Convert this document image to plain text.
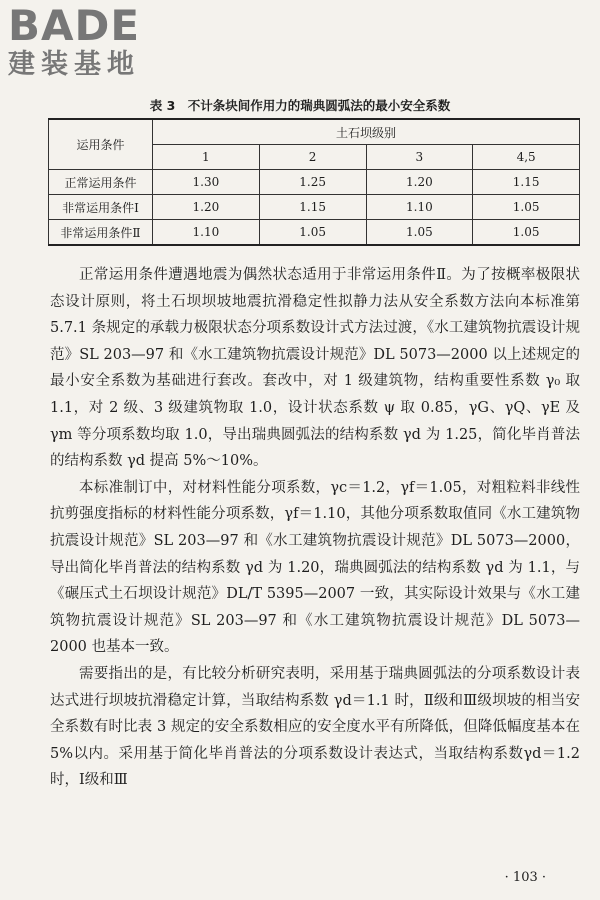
BADE
建装基地
表 3　不计条块间作用力的瑞典圆弧法的最小安全系数
运用条件	土石坝级别			
	1	2	3	4,5
正常运用条件	1.30	1.25	1.20	1.15
非常运用条件Ⅰ	1.20	1.15	1.10	1.05
非常运用条件Ⅱ	1.10	1.05	1.05	1.05

正常运用条件遭遇地震为偶然状态适用于非常运用条件Ⅱ。为了按概率极限状态设计原则，将土石坝坝坡地震抗滑稳定性拟静力法从安全系数方法向本标准第 5.7.1 条规定的承载力极限状态分项系数设计式方法过渡，《水工建筑物抗震设计规范》SL 203—97 和《水工建筑物抗震设计规范》DL 5073—2000 以上述规定的最小安全系数为基础进行套改。套改中，对 1 级建筑物，结构重要性系数 γ₀ 取 1.1，对 2 级、3 级建筑物取 1.0，设计状态系数 ψ 取 0.85，γG、γQ、γE 及 γm 等分项系数均取 1.0，导出瑞典圆弧法的结构系数 γd 为 1.25，简化毕肖普法的结构系数 γd 提高 5%～10%。

本标准制订中，对材料性能分项系数，γc＝1.2，γf＝1.05，对粗粒料非线性抗剪强度指标的材料性能分项系数，γf＝1.10，其他分项系数取值同《水工建筑物抗震设计规范》SL 203—97 和《水工建筑物抗震设计规范》DL 5073—2000，导出简化毕肖普法的结构系数 γd 为 1.20，瑞典圆弧法的结构系数 γd 为 1.1，与《碾压式土石坝设计规范》DL/T 5395—2007 一致，其实际设计效果与《水工建筑物抗震设计规范》SL 203—97 和《水工建筑物抗震设计规范》DL 5073—2000 也基本一致。

需要指出的是，有比较分析研究表明，采用基于瑞典圆弧法的分项系数设计表达式进行坝坡抗滑稳定计算，当取结构系数 γd＝1.1 时，Ⅱ级和Ⅲ级坝坡的相当安全系数有时比表 3 规定的安全系数相应的安全度水平有所降低，但降低幅度基本在 5%以内。采用基于简化毕肖普法的分项系数设计表达式，当取结构系数γd＝1.2 时，Ⅰ级和Ⅲ

· 103 ·
